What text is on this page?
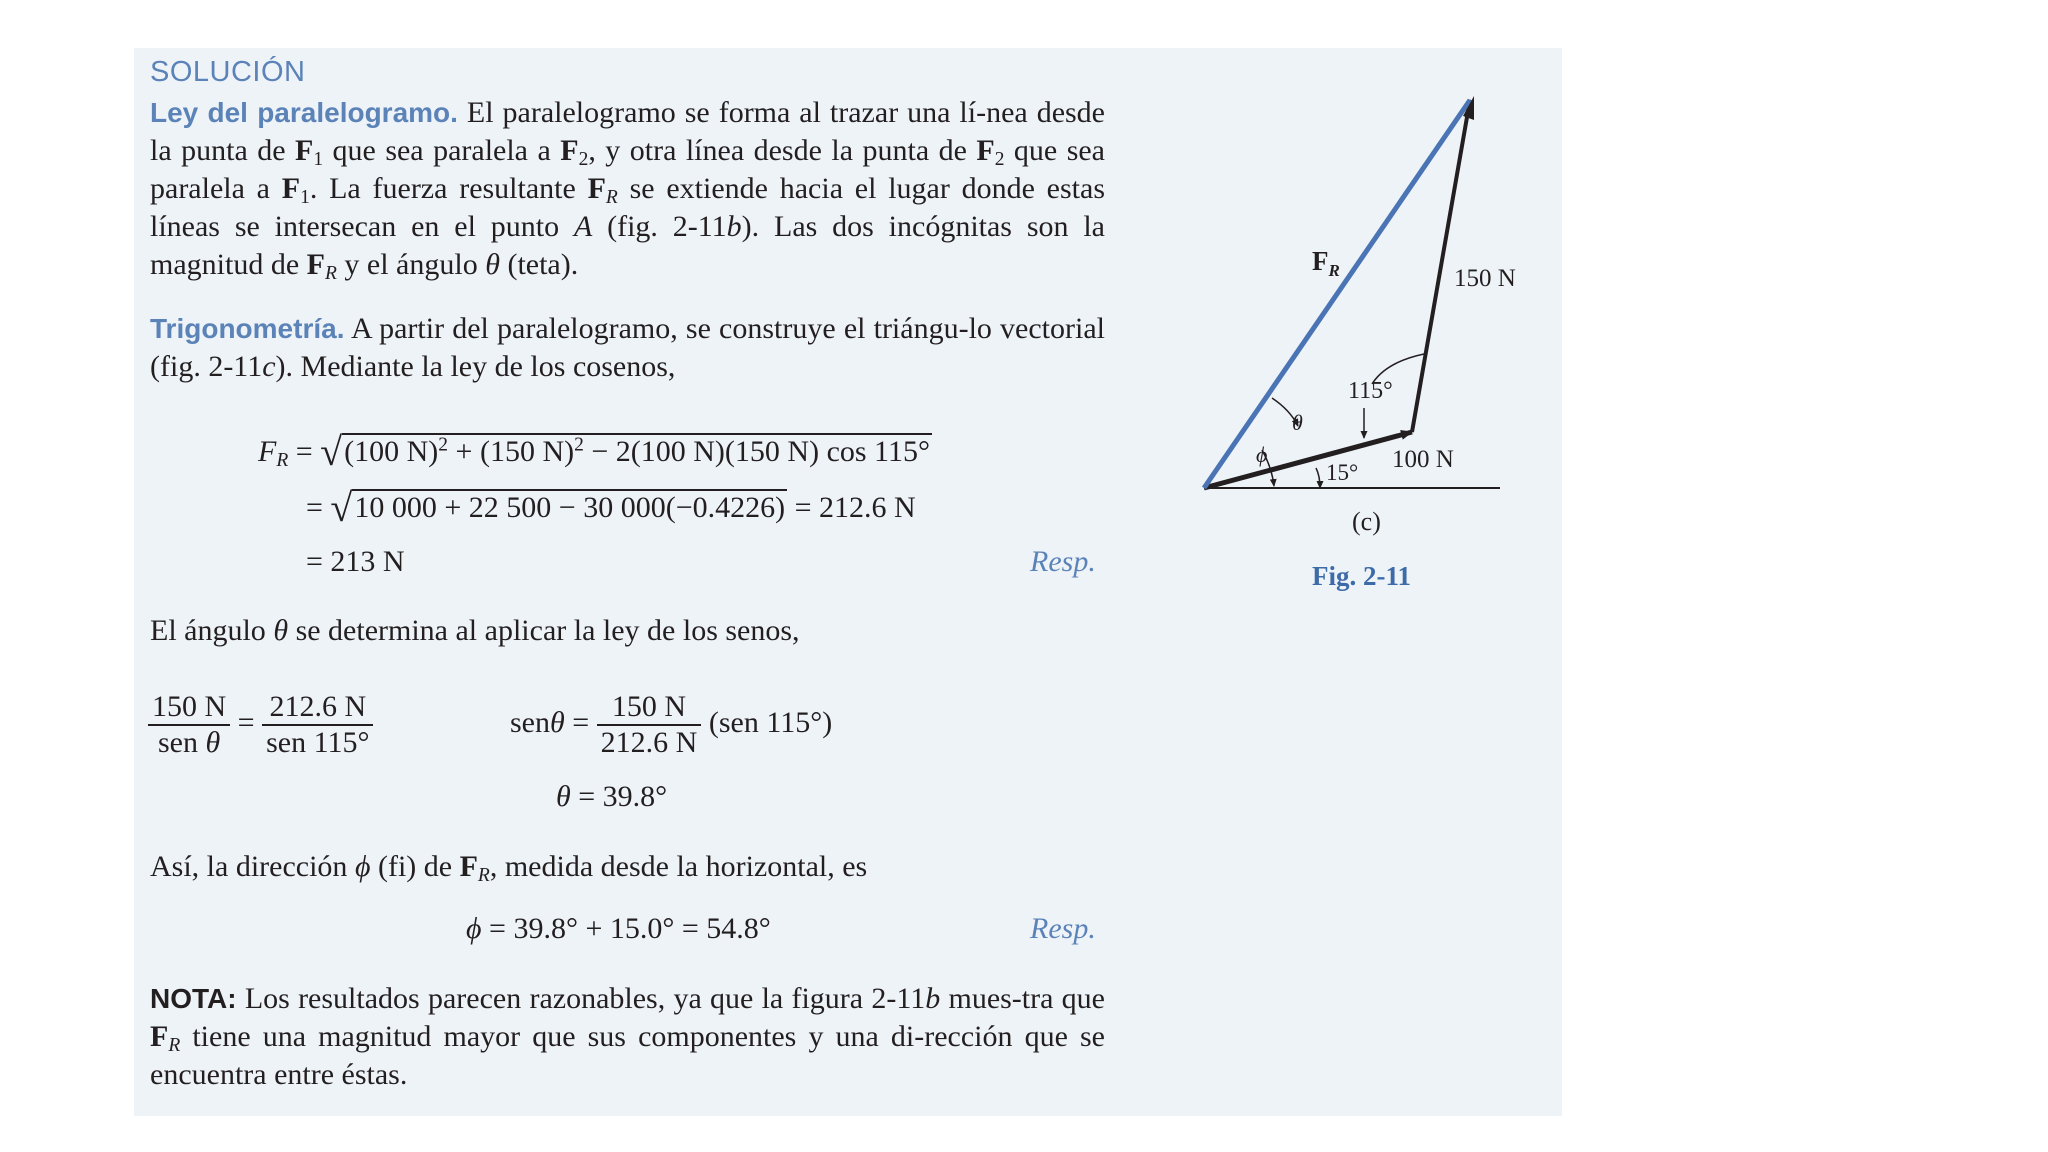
SOLUCIÓN
Ley del paralelogramo. El paralelogramo se forma al trazar una lí-nea desde la punta de $F_1$ que sea paralela a $F_2$, y otra línea desde la punta de $F_2$ que sea paralela a $F_1$. La fuerza resultante $F_R$ se extiende hacia el lugar donde estas líneas se intersecan en el punto A (fig. 2-11b). Las dos incógnitas son la magnitud de $F_R$ y el ángulo θ (teta).
Trigonometría. A partir del paralelogramo, se construye el triángu-lo vectorial (fig. 2-11c). Mediante la ley de los cosenos,
$F_R = √(100$ N)$^2$ + (150 N)$^2$ − 2(100 N)(150 N) cos 115°
= √10 000 + 22 500 − 30 000(−0.4226) = 212.6 N
= 213 N	Resp.
El ángulo θ se determina al aplicar la ley de los senos,
$\frac{150 N}{\text{sen θ}} = \frac{212.6 N}{\text{sen 115°}}$	$sen\theta = \frac{150 N}{212.6 N} (sen$ 115°)
θ = 39.8°
Así, la dirección ϕ (fi) de $F_R$, medida desde la horizontal, es
ϕ = 39.8° + 15.0° = 54.8°	Resp.
NOTA: Los resultados parecen razonables, ya que la figura 2-11b mues-tra que $F_R$ tiene una magnitud mayor que sus componentes y una di-rección que se encuentra entre éstas.
$F_R$	150 N
115°
100 N
15°
θ
ϕ
(c)
Fig. 2-11
